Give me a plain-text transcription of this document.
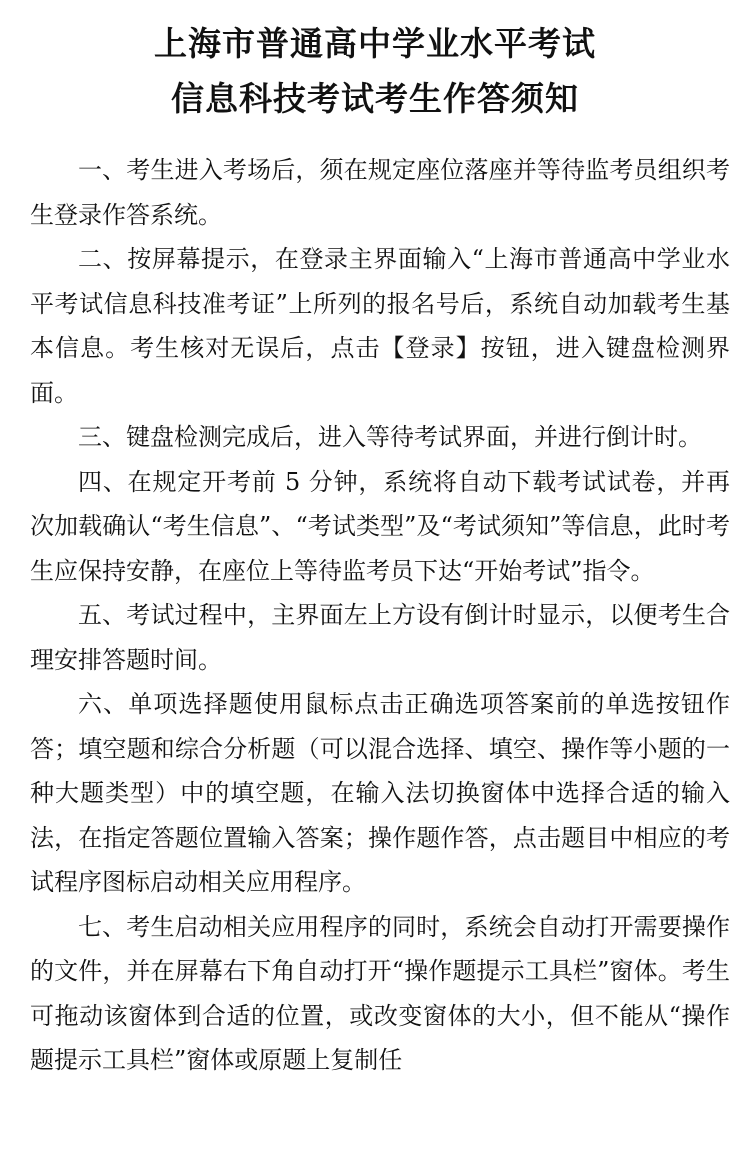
上海市普通高中学业水平考试
信息科技考试考生作答须知

一、考生进入考场后，须在规定座位落座并等待监考员组织考生登录作答系统。

二、按屏幕提示，在登录主界面输入“上海市普通高中学业水平考试信息科技准考证”上所列的报名号后，系统自动加载考生基本信息。考生核对无误后，点击【登录】按钮，进入键盘检测界面。

三、键盘检测完成后，进入等待考试界面，并进行倒计时。

四、在规定开考前 5 分钟，系统将自动下载考试试卷，并再次加载确认“考生信息”、“考试类型”及“考试须知”等信息，此时考生应保持安静，在座位上等待监考员下达“开始考试”指令。

五、考试过程中，主界面左上方设有倒计时显示，以便考生合理安排答题时间。

六、单项选择题使用鼠标点击正确选项答案前的单选按钮作答；填空题和综合分析题（可以混合选择、填空、操作等小题的一种大题类型）中的填空题，在输入法切换窗体中选择合适的输入法，在指定答题位置输入答案；操作题作答，点击题目中相应的考试程序图标启动相关应用程序。

七、考生启动相关应用程序的同时，系统会自动打开需要操作的文件，并在屏幕右下角自动打开“操作题提示工具栏”窗体。考生可拖动该窗体到合适的位置，或改变窗体的大小，但不能从“操作题提示工具栏”窗体或原题上复制任
